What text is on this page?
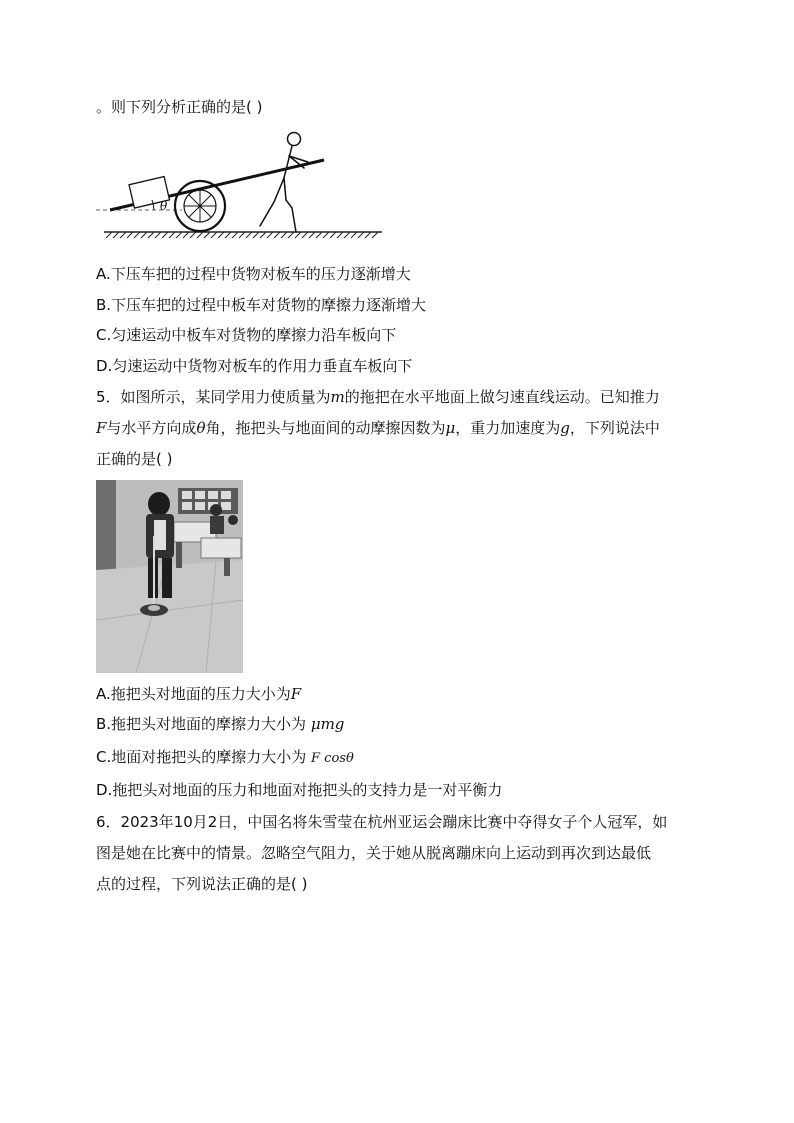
。则下列分析正确的是( )
θ
A.下压车把的过程中货物对板车的压力逐渐增大
B.下压车把的过程中板车对货物的摩擦力逐渐增大
C.匀速运动中板车对货物的摩擦力沿车板向下
D.匀速运动中货物对板车的作用力垂直车板向下
5．如图所示，某同学用力使质量为m的拖把在水平地面上做匀速直线运动。已知推力
F与水平方向成θ角，拖把头与地面间的动摩擦因数为μ，重力加速度为g，下列说法中
正确的是( )
A.拖把头对地面的压力大小为F
B.拖把头对地面的摩擦力大小为 μmg
C.地面对拖把头的摩擦力大小为 F cosθ
D.拖把头对地面的压力和地面对拖把头的支持力是一对平衡力
6．2023年10月2日，中国名将朱雪莹在杭州亚运会蹦床比赛中夺得女子个人冠军，如
图是她在比赛中的情景。忽略空气阻力，关于她从脱离蹦床向上运动到再次到达最低
点的过程，下列说法正确的是( )
